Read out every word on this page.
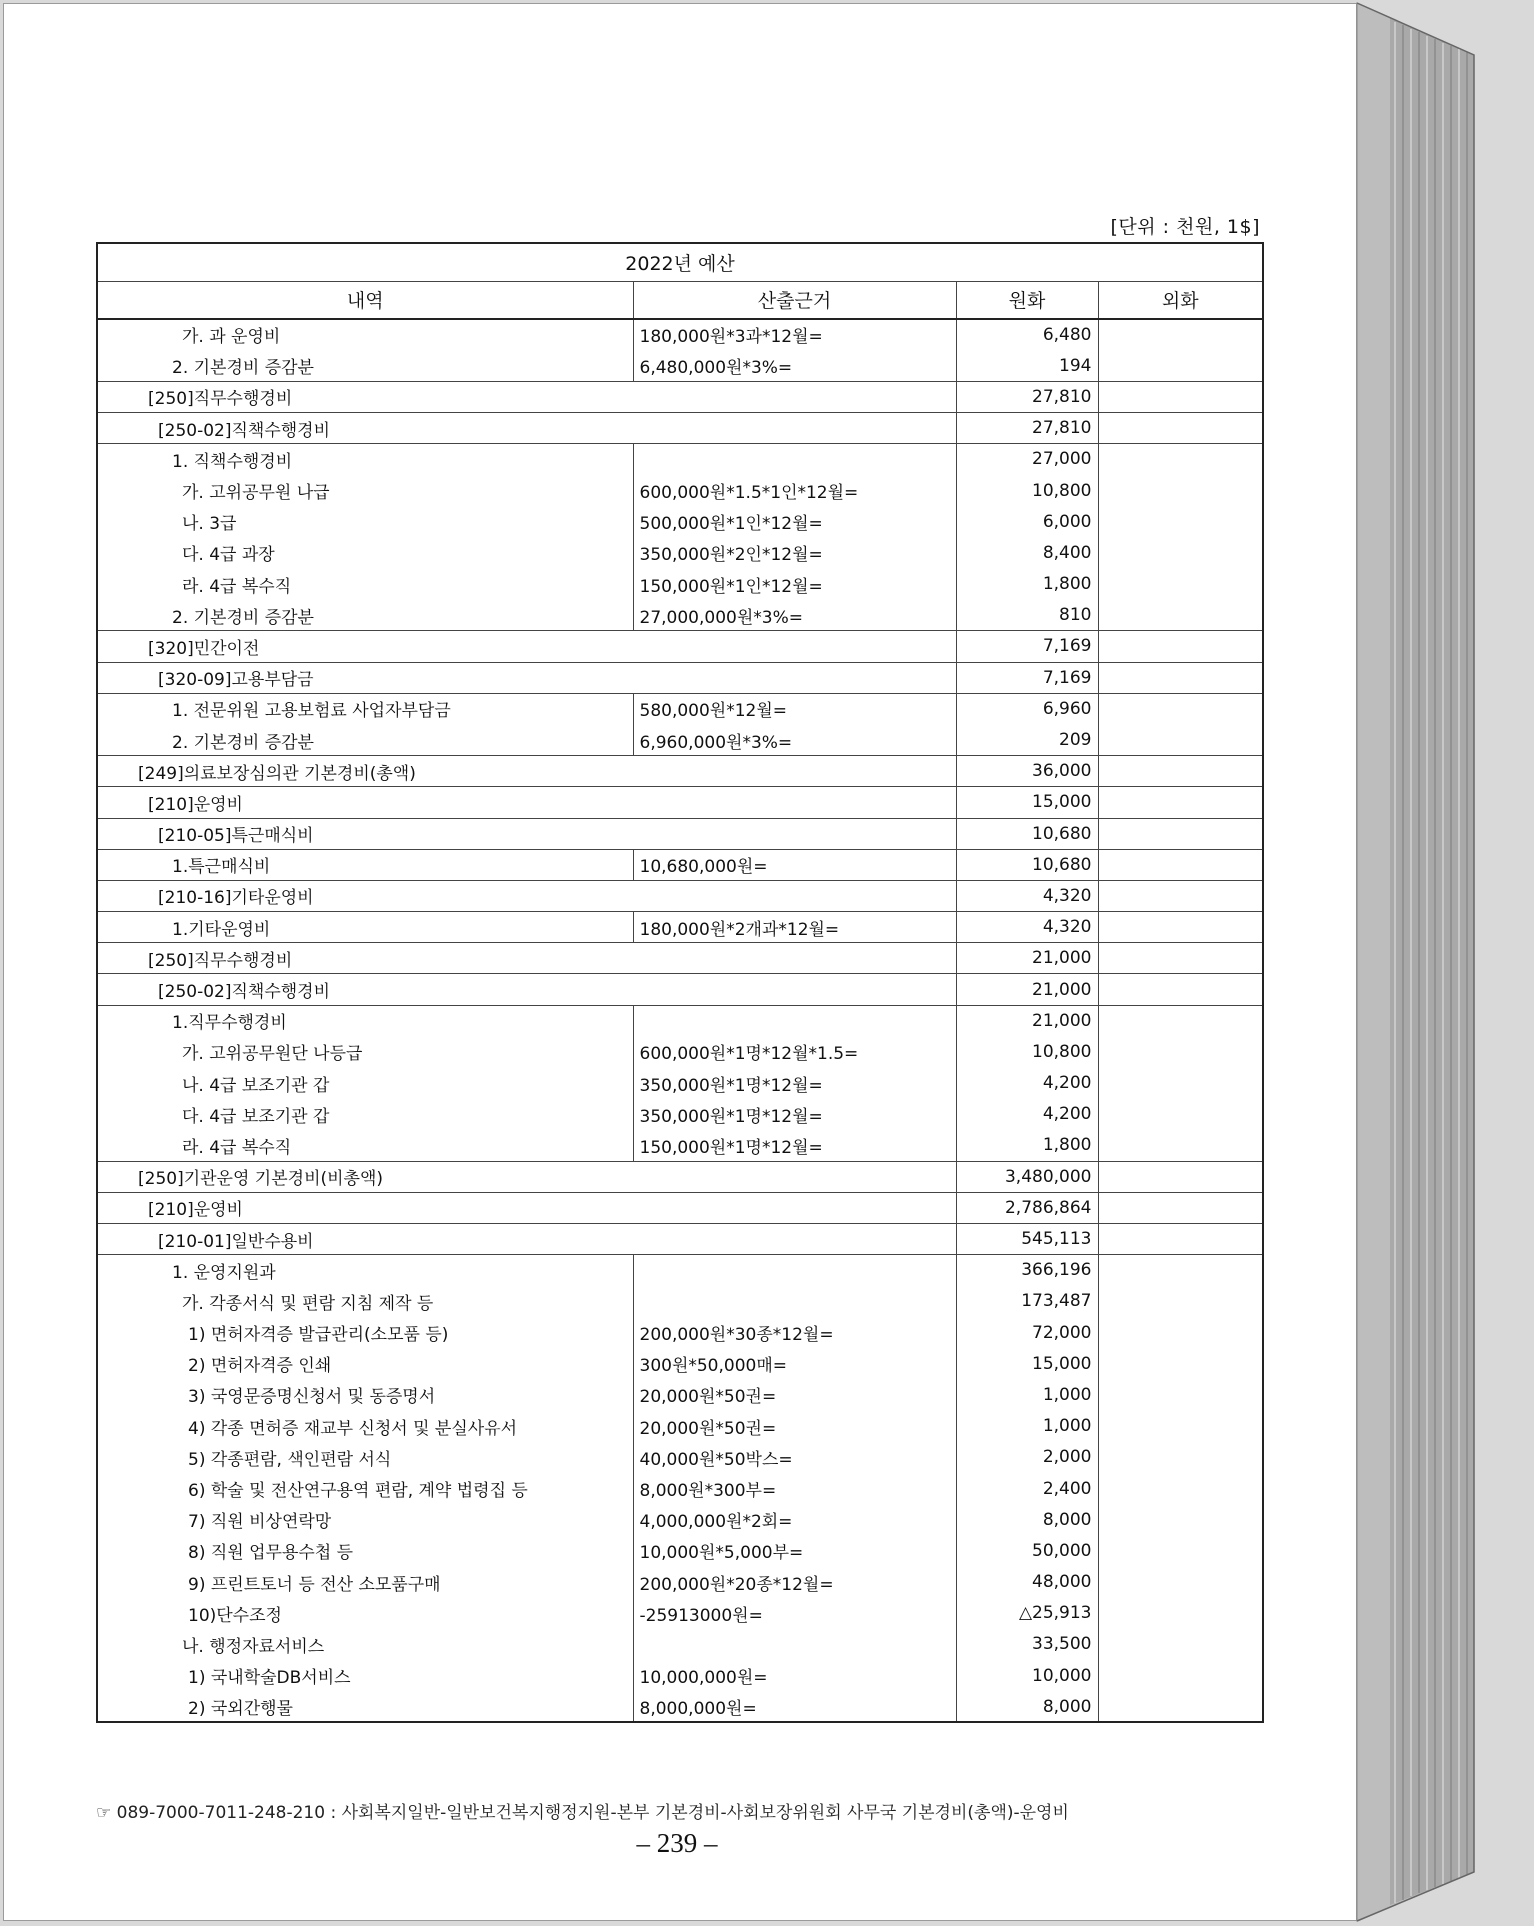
[단위 : 천원, 1$]
2022년 예산			
내역	산출근거	원화	외화
가. 과 운영비	180,000원*3과*12월=	6,480	
2. 기본경비 증감분	6,480,000원*3%=	194	
[250]직무수행경비		27,810	
[250-02]직책수행경비		27,810	
1. 직책수행경비		27,000	
가. 고위공무원 나급	600,000원*1.5*1인*12월=	10,800	
나. 3급	500,000원*1인*12월=	6,000	
다. 4급 과장	350,000원*2인*12월=	8,400	
라. 4급 복수직	150,000원*1인*12월=	1,800	
2. 기본경비 증감분	27,000,000원*3%=	810	
[320]민간이전		7,169	
[320-09]고용부담금		7,169	
1. 전문위원 고용보험료 사업자부담금	580,000원*12월=	6,960	
2. 기본경비 증감분	6,960,000원*3%=	209	
[249]의료보장심의관 기본경비(총액)		36,000	
[210]운영비		15,000	
[210-05]특근매식비		10,680	
1.특근매식비	10,680,000원=	10,680	
[210-16]기타운영비		4,320	
1.기타운영비	180,000원*2개과*12월=	4,320	
[250]직무수행경비		21,000	
[250-02]직책수행경비		21,000	
1.직무수행경비		21,000	
가. 고위공무원단 나등급	600,000원*1명*12월*1.5=	10,800	
나. 4급 보조기관 갑	350,000원*1명*12월=	4,200	
다. 4급 보조기관 갑	350,000원*1명*12월=	4,200	
라. 4급 복수직	150,000원*1명*12월=	1,800	
[250]기관운영 기본경비(비총액)		3,480,000	
[210]운영비		2,786,864	
[210-01]일반수용비		545,113	
1. 운영지원과		366,196	
가. 각종서식 및 편람 지침 제작 등		173,487	
1) 면허자격증 발급관리(소모품 등)	200,000원*30종*12월=	72,000	
2) 면허자격증 인쇄	300원*50,000매=	15,000	
3) 국영문증명신청서 및 동증명서	20,000원*50권=	1,000	
4) 각종 면허증 재교부 신청서 및 분실사유서	20,000원*50권=	1,000	
5) 각종편람, 색인편람 서식	40,000원*50박스=	2,000	
6) 학술 및 전산연구용역 편람, 계약 법령집 등	8,000원*300부=	2,400	
7) 직원 비상연락망	4,000,000원*2회=	8,000	
8) 직원 업무용수첩 등	10,000원*5,000부=	50,000	
9) 프린트토너 등 전산 소모품구매	200,000원*20종*12월=	48,000	
10)단수조정	-25913000원=	△25,913	
나. 행정자료서비스		33,500	
1) 국내학술DB서비스	10,000,000원=	10,000	
2) 국외간행물	8,000,000원=	8,000	
☞ 089-7000-7011-248-210 : 사회복지일반-일반보건복지행정지원-본부 기본경비-사회보장위원회 사무국 기본경비(총액)-운영비
– 239 –
